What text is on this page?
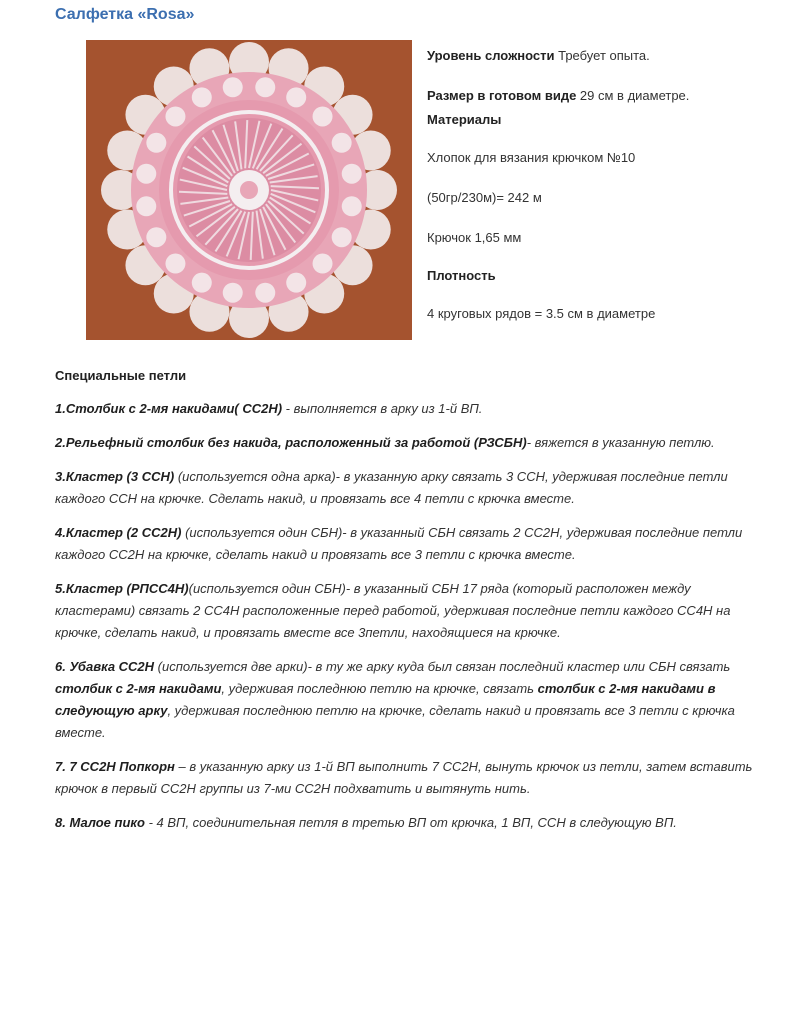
Салфетка «Rosa»
Уровень сложности Требует опыта.
Размер в готовом виде 29 см в диаметре.
Материалы
Хлопок для вязания крючком №10
(50гр/230м)= 242 м
Крючок 1,65 мм
Плотность
4 круговых рядов = 3.5 см в диаметре
Специальные петли
1.Столбик с 2-мя накидами( СС2Н) - выполняется в арку из 1-й ВП.
2.Рельефный столбик без накида, расположенный за работой (РЗСБН)- вяжется в указанную петлю.
3.Кластер (3 ССН) (используется одна арка)- в указанную арку связать 3 ССН, удерживая последние петли каждого ССН на крючке. Сделать накид, и провязать все 4 петли с крючка вместе.
4.Кластер (2 СС2Н) (используется один СБН)- в указанный СБН связать 2 СС2Н, удерживая последние петли каждого СС2Н на крючке, сделать накид и провязать все 3 петли с крючка вместе.
5.Кластер (РПСС4Н)(используется один СБН)- в указанный СБН 17 ряда (который расположен между кластерами) связать 2 СС4Н расположенные перед работой, удерживая последние петли каждого СС4Н на крючке, сделать накид, и провязать вместе все 3петли, находящиеся на крючке.
6. Убавка СС2Н (используется две арки)- в ту же арку куда был связан последний кластер или СБН связать столбик с 2-мя накидами, удерживая последнюю петлю на крючке, связать столбик с 2-мя накидами в следующую арку, удерживая последнюю петлю на крючке, сделать накид и провязать все 3 петли с крючка вместе.
7. 7 СС2Н Попкорн – в указанную арку из 1-й ВП выполнить 7 СС2Н, вынуть крючок из петли, затем вставить крючок в первый СС2Н группы из 7-ми СС2Н подхватить и вытянуть нить.
8. Малое пико - 4 ВП, соединительная петля в третью ВП от крючка, 1 ВП, ССН в следующую ВП.
